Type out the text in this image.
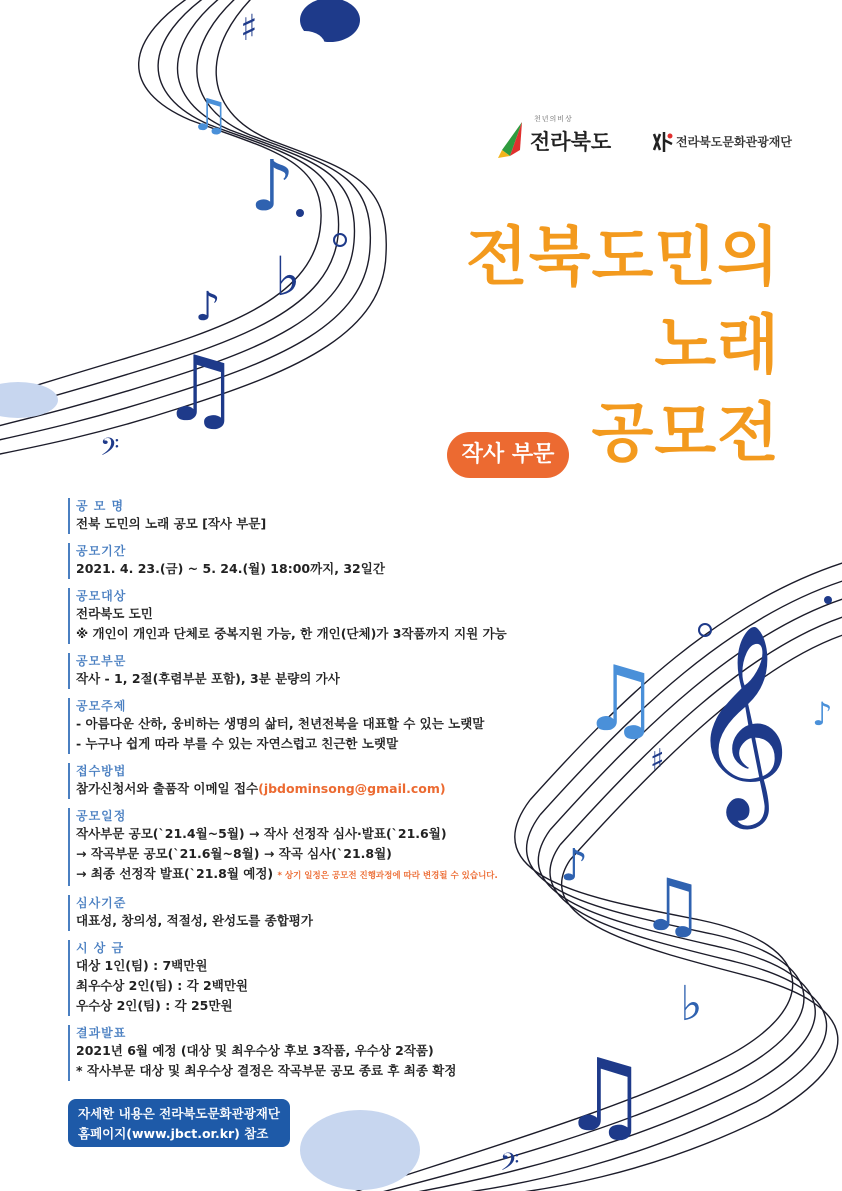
♯
♫
♪
♭
♪
♫
𝄢
𝄞
♫
♯
♪
♪ ♫
♭
♫
𝄢
천년의비상
전라북도	전라북도문화관광재단
전북도민의
노래
공모전
작사 부문
공 모 명
전북 도민의 노래 공모 [작사 부문]
공모기간
2021. 4. 23.(금) ~ 5. 24.(월) 18:00까지, 32일간
공모대상
전라북도 도민
※ 개인이 개인과 단체로 중복지원 가능, 한 개인(단체)가 3작품까지 지원 가능
공모부문
작사 - 1, 2절(후렴부분 포함), 3분 분량의 가사
공모주제
- 아름다운 산하, 웅비하는 생명의 삶터, 천년전북을 대표할 수 있는 노랫말
- 누구나 쉽게 따라 부를 수 있는 자연스럽고 친근한 노랫말
접수방법
참가신청서와 출품작 이메일 접수(jbdominsong@gmail.com)
공모일정
작사부문 공모(`21.4월~5월) → 작사 선정작 심사·발표(`21.6월)
→ 작곡부문 공모(`21.6월~8월) → 작곡 심사(`21.8월)
→ 최종 선정작 발표(`21.8월 예정) * 상기 일정은 공모전 진행과정에 따라 변경될 수 있습니다.
심사기준
대표성, 창의성, 적절성, 완성도를 종합평가
시 상 금
대상 1인(팀) : 7백만원
최우수상 2인(팀) : 각 2백만원
우수상 2인(팀) : 각 25만원
결과발표
2021년 6월 예정 (대상 및 최우수상 후보 3작품, 우수상 2작품)
* 작사부문 대상 및 최우수상 결정은 작곡부문 공모 종료 후 최종 확정
자세한 내용은 전라북도문화관광재단
홈페이지(www.jbct.or.kr) 참조
